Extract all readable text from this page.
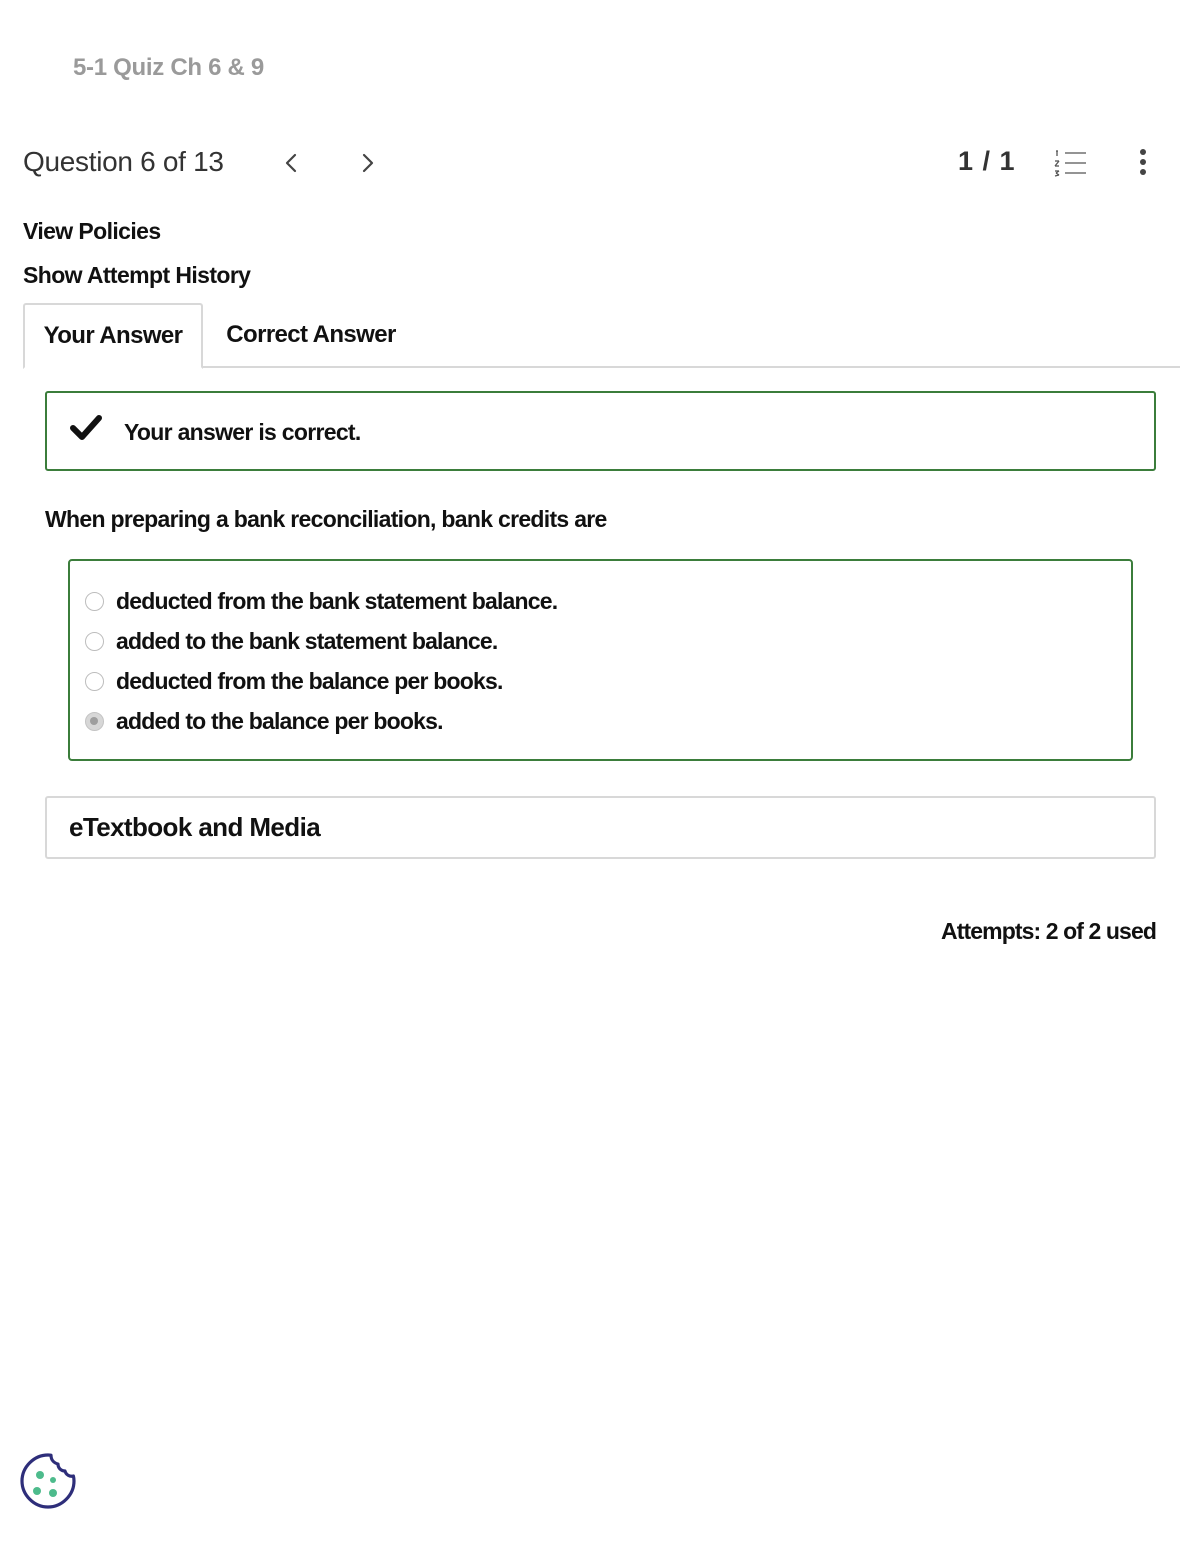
5-1 Quiz Ch 6 & 9
Question 6 of 13	1 / 1
View Policies
Show Attempt History
Your Answer	Correct Answer
Your answer is correct.
When preparing a bank reconciliation, bank credits are
deducted from the bank statement balance.
added to the bank statement balance.
deducted from the balance per books.
added to the balance per books.
eTextbook and Media
Attempts: 2 of 2 used
